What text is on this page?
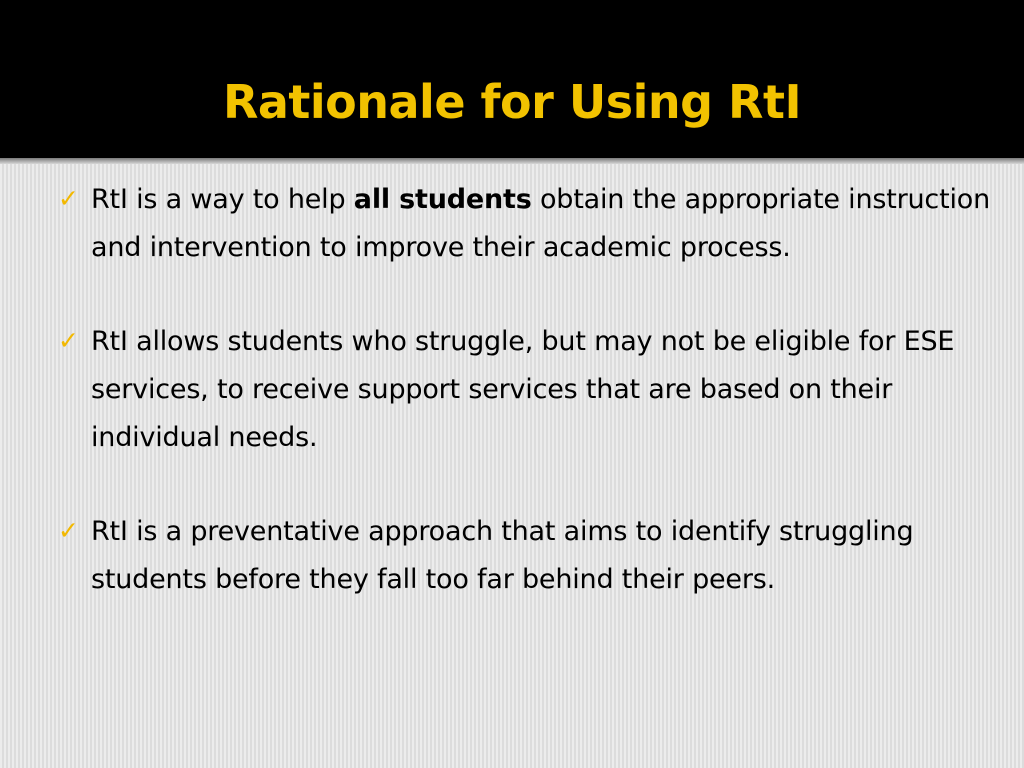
Rationale for Using RtI
✓ RtI is a way to help all students obtain the appropriate instruction and intervention to improve their academic process.
✓ RtI allows students who struggle, but may not be eligible for ESE services, to receive support services that are based on their individual needs.
✓ RtI is a preventative approach that aims to identify struggling students before they fall too far behind their peers.
